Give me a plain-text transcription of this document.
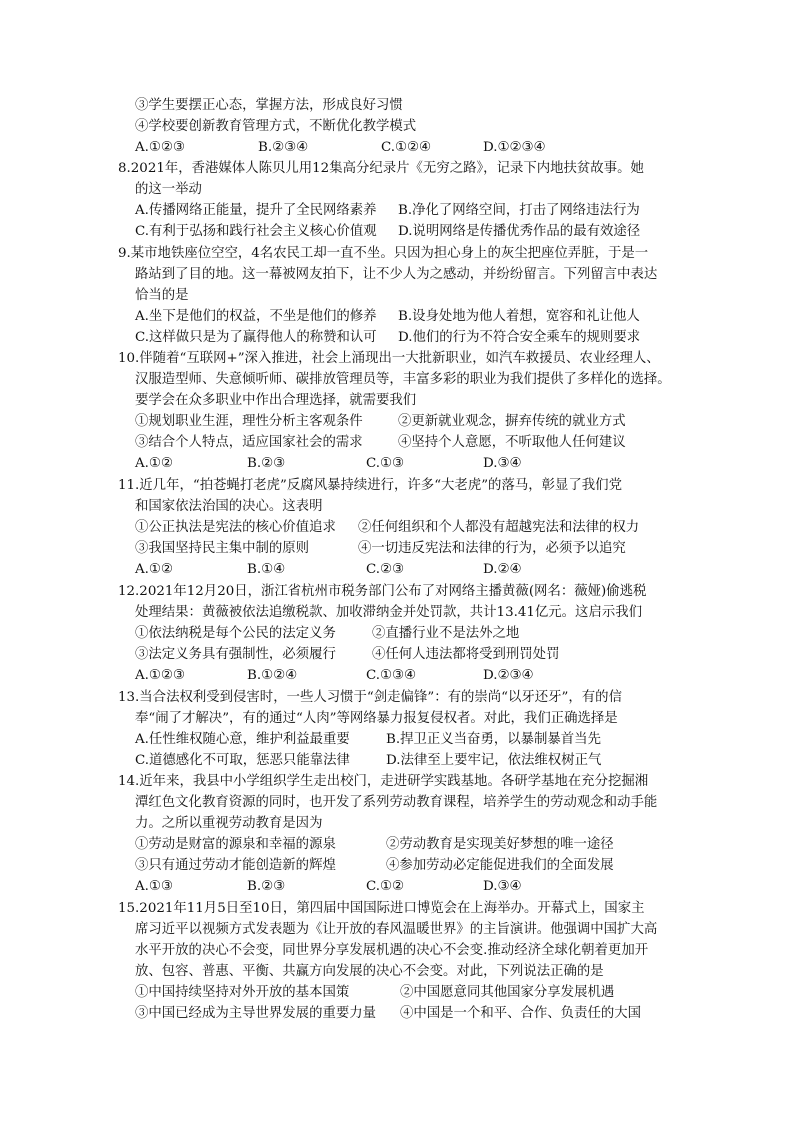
③学生要摆正心态，掌握方法，形成良好习惯
④学校要创新教育管理方式，不断优化教学模式
A.①②③	B.②③④	C.①②④	D.①②③④
8.2021年，香港媒体人陈贝儿用12集高分纪录片《无穷之路》，记录下内地扶贫故事。她
的这一举动
A.传播网络正能量，提升了全民网络素养 B.净化了网络空间，打击了网络违法行为
C.有利于弘扬和践行社会主义核心价值观 D.说明网络是传播优秀作品的最有效途径
9.某市地铁座位空空，4名农民工却一直不坐。只因为担心身上的灰尘把座位弄脏，于是一
路站到了目的地。这一幕被网友拍下，让不少人为之感动，并纷纷留言。下列留言中表达
恰当的是
A.坐下是他们的权益，不坐是他们的修养 B.设身处地为他人着想，宽容和礼让他人
C.这样做只是为了赢得他人的称赞和认可 D.他们的行为不符合安全乘车的规则要求
10.伴随着“互联网+”深入推进，社会上涌现出一大批新职业，如汽车救援员、农业经理人、
汉服造型师、失意倾听师、碳排放管理员等，丰富多彩的职业为我们提供了多样化的选择。
要学会在众多职业中作出合理选择，就需要我们
①规划职业生涯，理性分析主客观条件	②更新就业观念，摒弃传统的就业方式
③结合个人特点，适应国家社会的需求	④坚持个人意愿，不听取他人任何建议
A.①②	B.②③	C.①③	D.③④
11.近几年，“拍苍蝇打老虎”反腐风暴持续进行，许多“大老虎”的落马，彰显了我们党
和国家依法治国的决心。这表明
①公正执法是宪法的核心价值追求 ②任何组织和个人都没有超越宪法和法律的权力
③我国坚持民主集中制的原则	④一切违反宪法和法律的行为，必须予以追究
A.①②	B.①④	C.②③	D.②④
12.2021年12月20日，浙江省杭州市税务部门公布了对网络主播黄薇(网名：薇娅)偷逃税
处理结果：黄薇被依法追缴税款、加收滞纳金并处罚款，共计13.41亿元。这启示我们
①依法纳税是每个公民的法定义务	②直播行业不是法外之地
③法定义务具有强制性，必须履行	④任何人违法都将受到刑罚处罚
A.①②③	B.①②④	C.①③④	D.②③④
13.当合法权利受到侵害时，一些人习惯于“剑走偏锋”：有的崇尚“以牙还牙”，有的信
奉“闹了才解决”，有的通过“人肉”等网络暴力报复侵权者。对此，我们正确选择是
A.任性维权随心意，维护利益最重要	B.捍卫正义当奋勇，以暴制暴首当先
C.道德感化不可取，惩恶只能靠法律	D.法律至上要牢记，依法维权树正气
14.近年来，我县中小学组织学生走出校门，走进研学实践基地。各研学基地在充分挖掘湘
潭红色文化教育资源的同时，也开发了系列劳动教育课程，培养学生的劳动观念和动手能
力。之所以重视劳动教育是因为
①劳动是财富的源泉和幸福的源泉	②劳动教育是实现美好梦想的唯一途径
③只有通过劳动才能创造新的辉煌	④参加劳动必定能促进我们的全面发展
A.①③	B.②③	C.①②	D.③④
15.2021年11月5日至10日，第四届中国国际进口博览会在上海举办。开幕式上，国家主
席习近平以视频方式发表题为《让开放的春风温暖世界》的主旨演讲。他强调中国扩大高
水平开放的决心不会变，同世界分享发展机遇的决心不会变.推动经济全球化朝着更加开
放、包容、普惠、平衡、共赢方向发展的决心不会变。对此，下列说法正确的是
①中国持续坚持对外开放的基本国策	②中国愿意同其他国家分享发展机遇
③中国已经成为主导世界发展的重要力量 ④中国是一个和平、合作、负责任的大国
